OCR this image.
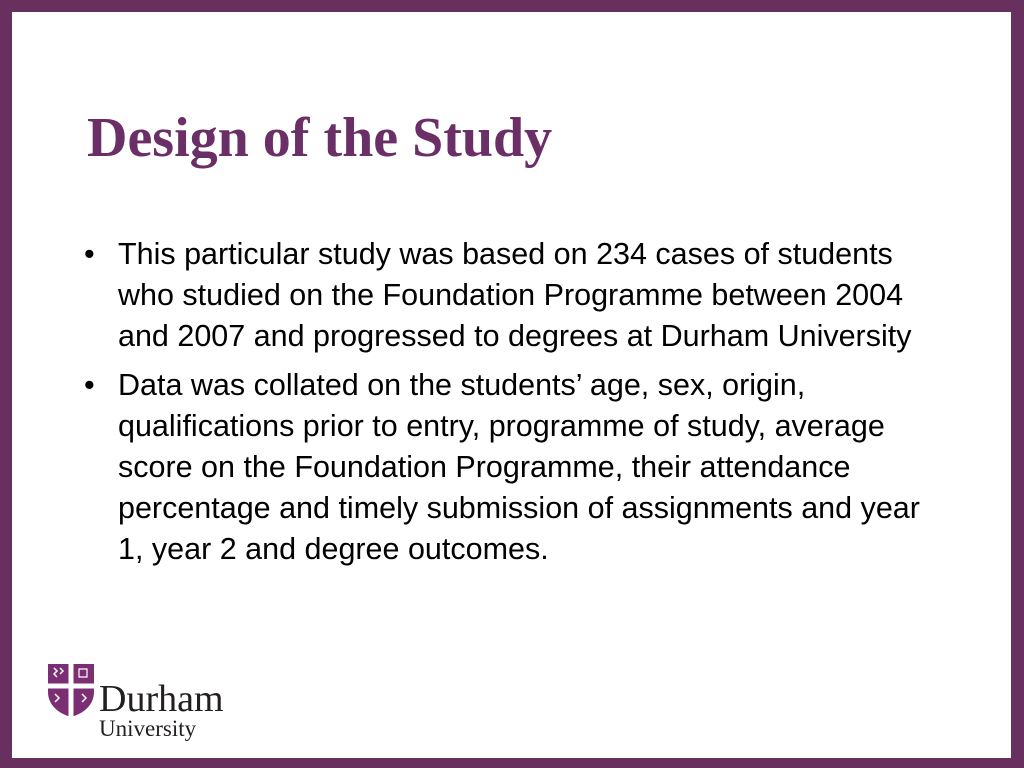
Design of the Study
• This particular study was based on 234 cases of students who studied on the Foundation Programme between 2004 and 2007 and progressed to degrees at Durham University
• Data was collated on the students’ age, sex, origin, qualifications prior to entry, programme of study, average score on the Foundation Programme, their attendance percentage and timely submission of assignments and year 1, year 2 and degree outcomes.
Durham
University
